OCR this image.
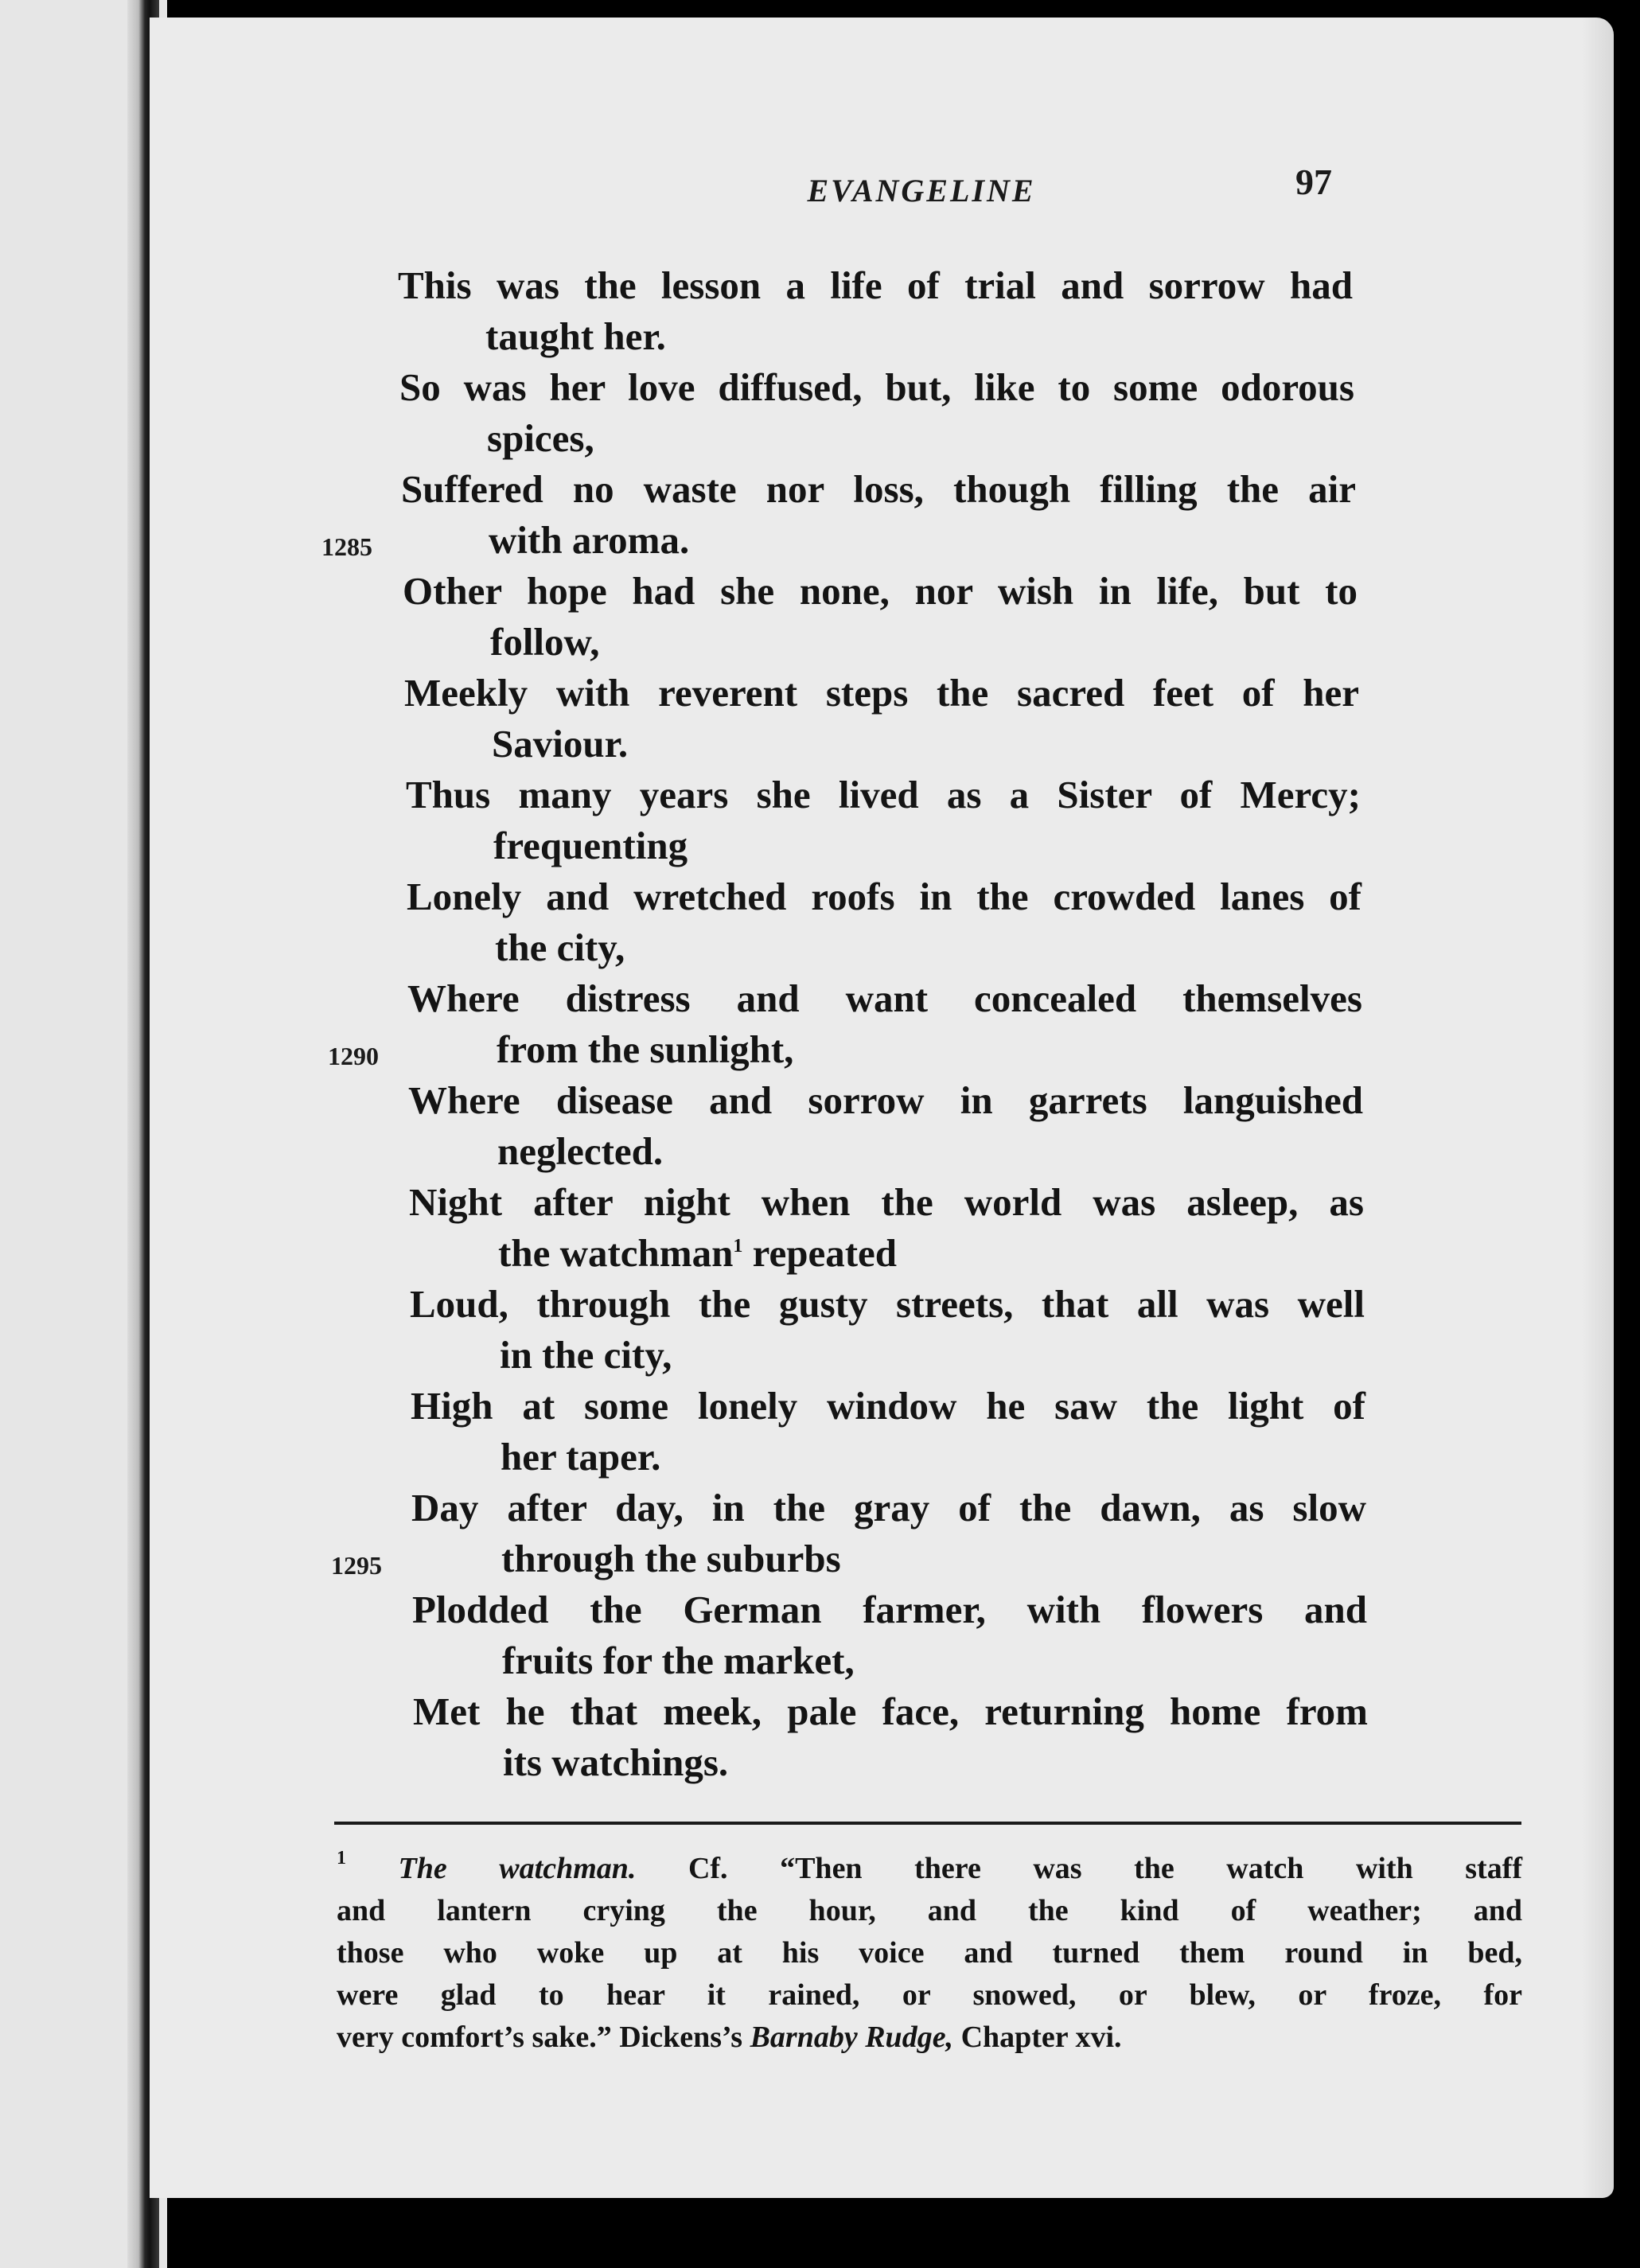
EVANGELINE	97
This was the lesson a life of trial and sorrow had
taught her.
So was her love diffused, but, like to some odorous
spices,
Suffered no waste nor loss, though filling the air
1285	with aroma.
Other hope had she none, nor wish in life, but to
follow,
Meekly with reverent steps the sacred feet of her
Saviour.
Thus many years she lived as a Sister of Mercy;
frequenting
Lonely and wretched roofs in the crowded lanes of
the city,
Where distress and want concealed themselves
1290	from the sunlight,
Where disease and sorrow in garrets languished
neglected.
Night after night when the world was asleep, as
the watchman$^1$ repeated
Loud, through the gusty streets, that all was well
in the city,
High at some lonely window he saw the light of
her taper.
Day after day, in the gray of the dawn, as slow
1295	through the suburbs
Plodded the German farmer, with flowers and
fruits for the market,
Met he that meek, pale face, returning home from
its watchings.
$^1$ The watchman. Cf. “Then there was the watch with staff
and lantern crying the hour, and the kind of weather; and
those who woke up at his voice and turned them round in bed,
were glad to hear it rained, or snowed, or blew, or froze, for
very comfort’s sake.” Dickens’s Barnaby Rudge, Chapter xvi.
